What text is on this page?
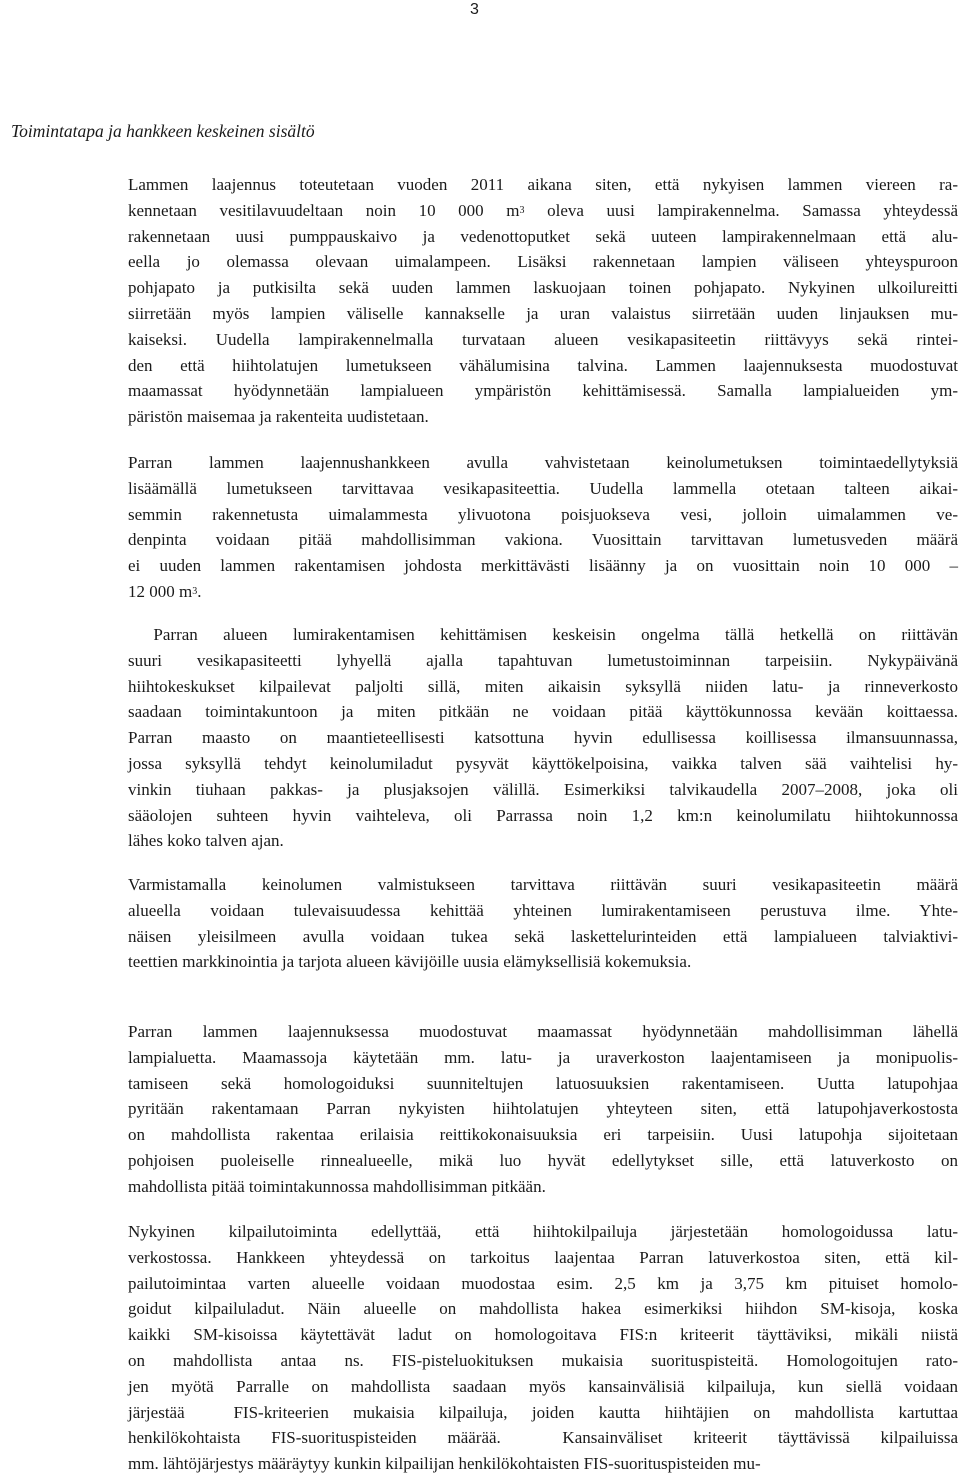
3
Toimintatapa ja hankkeen keskeinen sisältö
Lammen laajennus toteutetaan vuoden 2011 aikana siten, että nykyisen lammen viereen ra-
kennetaan vesitilavuudeltaan noin 10 000 $m^3$ oleva uusi lampirakennelma. Samassa yhteydessä
rakennetaan uusi pumppauskaivo ja vedenottoputket sekä uuteen lampirakennelmaan että alu-
eella jo olemassa olevaan uimalampeen. Lisäksi rakennetaan lampien väliseen yhteyspuroon
pohjapato ja putkisilta sekä uuden lammen laskuojaan toinen pohjapato. Nykyinen ulkoilureitti
siirretään myös lampien väliselle kannakselle ja uran valaistus siirretään uuden linjauksen mu-
kaiseksi. Uudella lampirakennelmalla turvataan alueen vesikapasiteetin riittävyys sekä rintei-
den että hiihtolatujen lumetukseen vähälumisina talvina. Lammen laajennuksesta muodostuvat
maamassat hyödynnetään lampialueen ympäristön kehittämisessä. Samalla lampialueiden ym-
päristön maisemaa ja rakenteita uudistetaan.
Parran lammen laajennushankkeen avulla vahvistetaan keinolumetuksen toimintaedellytyksiä
lisäämällä lumetukseen tarvittavaa vesikapasiteettia. Uudella lammella otetaan talteen aikai-
semmin rakennetusta uimalammesta ylivuotona poisjuokseva vesi, jolloin uimalammen ve-
denpinta voidaan pitää mahdollisimman vakiona. Vuosittain tarvittavan lumetusveden määrä
ei uuden lammen rakentamisen johdosta merkittävästi lisäänny ja on vuosittain noin 10 000 –
12 000 $m^3$.
Parran alueen lumirakentamisen kehittämisen keskeisin ongelma tällä hetkellä on riittävän
suuri vesikapasiteetti lyhyellä ajalla tapahtuvan lumetustoiminnan tarpeisiin. Nykypäivänä
hiihtokeskukset kilpailevat paljolti sillä, miten aikaisin syksyllä niiden latu- ja rinneverkosto
saadaan toimintakuntoon ja miten pitkään ne voidaan pitää käyttökunnossa kevään koittaessa.
Parran maasto on maantieteellisesti katsottuna hyvin edullisessa koillisessa ilmansuunnassa,
jossa syksyllä tehdyt keinolumiladut pysyvät käyttökelpoisina, vaikka talven sää vaihtelisi hy-
vinkin tiuhaan pakkas- ja plusjaksojen välillä. Esimerkiksi talvikaudella 2007–2008, joka oli
sääolojen suhteen hyvin vaihteleva, oli Parrassa noin 1,2 km:n keinolumilatu hiihtokunnossa
lähes koko talven ajan.
Varmistamalla keinolumen valmistukseen tarvittava riittävän suuri vesikapasiteetin määrä
alueella voidaan tulevaisuudessa kehittää yhteinen lumirakentamiseen perustuva ilme. Yhte-
näisen yleisilmeen avulla voidaan tukea sekä laskettelurinteiden että lampialueen talviaktivi-
teettien markkinointia ja tarjota alueen kävijöille uusia elämyksellisiä kokemuksia.
Parran lammen laajennuksessa muodostuvat maamassat hyödynnetään mahdollisimman lähellä
lampialuetta. Maamassoja käytetään mm. latu- ja uraverkoston laajentamiseen ja monipuolis-
tamiseen sekä homologoiduksi suunniteltujen latuosuuksien rakentamiseen. Uutta latupohjaa
pyritään rakentamaan Parran nykyisten hiihtolatujen yhteyteen siten, että latupohjaverkostosta
on mahdollista rakentaa erilaisia reittikokonaisuuksia eri tarpeisiin. Uusi latupohja sijoitetaan
pohjoisen puoleiselle rinnealueelle, mikä luo hyvät edellytykset sille, että latuverkosto on
mahdollista pitää toimintakunnossa mahdollisimman pitkään.
Nykyinen kilpailutoiminta edellyttää, että hiihtokilpailuja järjestetään homologoidussa latu-
verkostossa. Hankkeen yhteydessä on tarkoitus laajentaa Parran latuverkostoa siten, että kil-
pailutoimintaa varten alueelle voidaan muodostaa esim. 2,5 km ja 3,75 km pituiset homolo-
goidut kilpailuladut. Näin alueelle on mahdollista hakea esimerkiksi hiihdon SM-kisoja, koska
kaikki SM-kisoissa käytettävät ladut on homologoitava FIS:n kriteerit täyttäviksi, mikäli niistä
on mahdollista antaa ns. FIS-pisteluokituksen mukaisia suorituspisteitä. Homologoitujen rato-
jen myötä Parralle on mahdollista saadaan myös kansainvälisiä kilpailuja, kun siellä voidaan
järjestää  FIS-kriteerien mukaisia kilpailuja, joiden kautta hiihtäjien on mahdollista kartuttaa
henkilökohtaista FIS-suorituspisteiden määrää.  Kansainväliset kriteerit täyttävissä kilpailuissa
mm. lähtöjärjestys määräytyy kunkin kilpailijan henkilökohtaisten FIS-suorituspisteiden mu-
